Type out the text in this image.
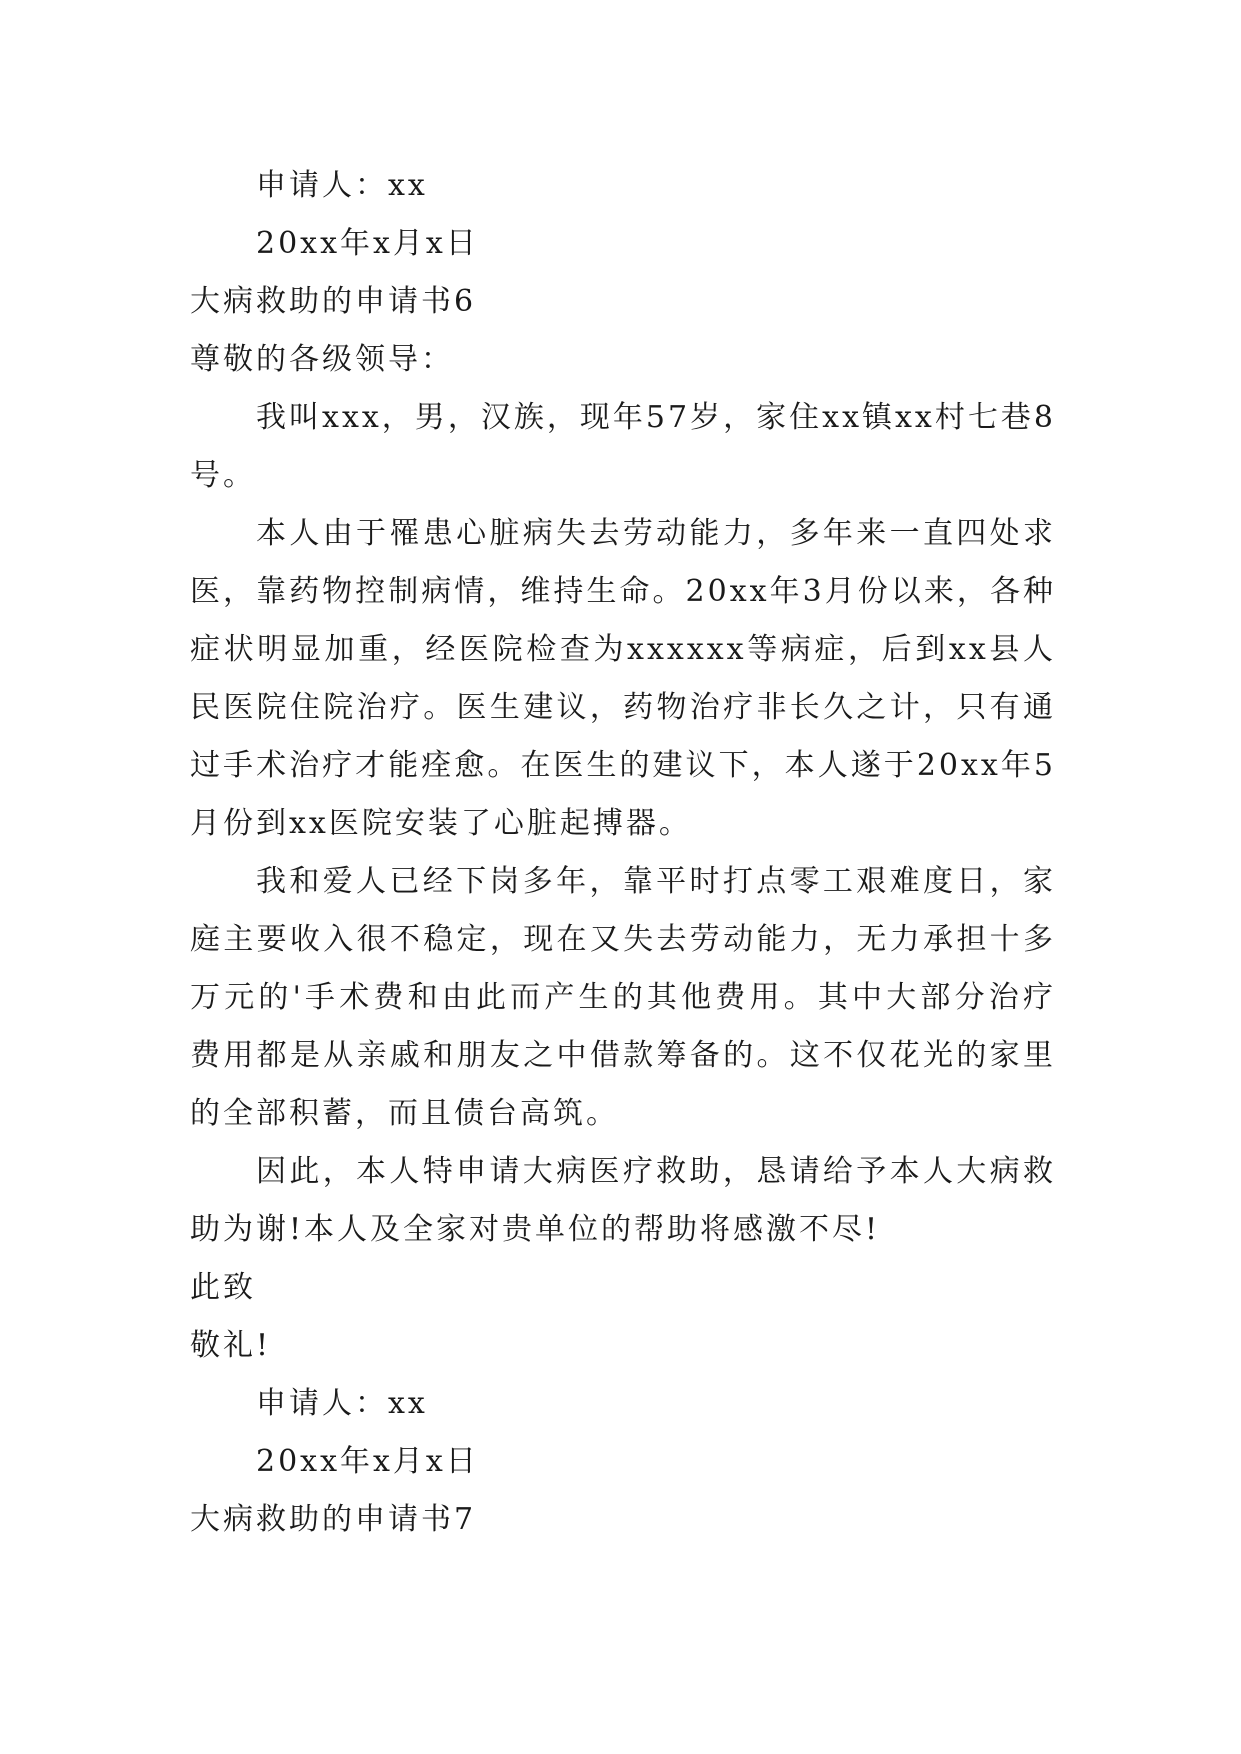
申请人：xx
20xx年x月x日
大病救助的申请书6
尊敬的各级领导：

我叫xxx，男，汉族，现年57岁，家住xx镇xx村七巷8号。

本人由于罹患心脏病失去劳动能力，多年来一直四处求医，靠药物控制病情，维持生命。20xx年3月份以来，各种症状明显加重，经医院检查为xxxxxx等病症，后到xx县人民医院住院治疗。医生建议，药物治疗非长久之计，只有通过手术治疗才能痊愈。在医生的建议下，本人遂于20xx年5月份到xx医院安装了心脏起搏器。

我和爱人已经下岗多年，靠平时打点零工艰难度日，家庭主要收入很不稳定，现在又失去劳动能力，无力承担十多万元的'手术费和由此而产生的其他费用。其中大部分治疗费用都是从亲戚和朋友之中借款筹备的。这不仅花光的家里的全部积蓄，而且债台高筑。

因此，本人特申请大病医疗救助，恳请给予本人大病救助为谢!本人及全家对贵单位的帮助将感激不尽!

此致
敬礼!
申请人：xx
20xx年x月x日
大病救助的申请书7
